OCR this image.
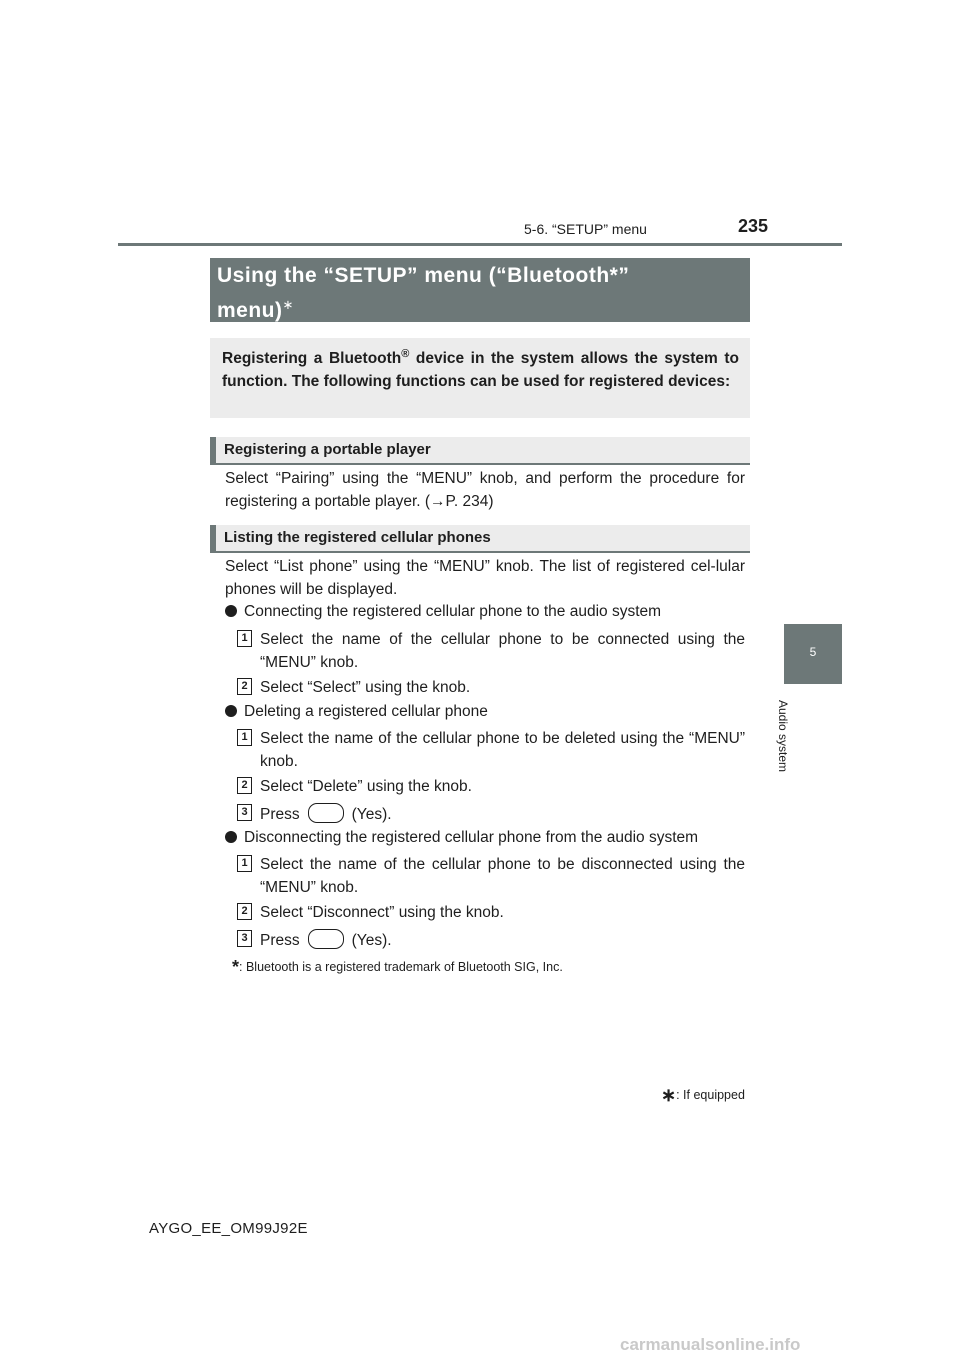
5-6. “SETUP” menu	235
5
Audio system
Using the “SETUP” menu (“Bluetooth*”
menu)∗
Registering a Bluetooth® device in the system allows the system to function. The following functions can be used for registered devices:
Registering a portable player
Select “Pairing” using the “MENU” knob, and perform the procedure for registering a portable player. (→P. 234)
Listing the registered cellular phones
Select “List phone” using the “MENU” knob. The list of registered cel-lular phones will be displayed.
Connecting the registered cellular phone to the audio system
1 Select the name of the cellular phone to be connected using the “MENU” knob.
2 Select “Select” using the knob.
Deleting a registered cellular phone
1 Select the name of the cellular phone to be deleted using the “MENU” knob.
2 Select “Delete” using the knob.
3 Press	(Yes).
Disconnecting the registered cellular phone from the audio system
1 Select the name of the cellular phone to be disconnected using the “MENU” knob.
2 Select “Disconnect” using the knob.
3 Press	(Yes).
*: Bluetooth is a registered trademark of Bluetooth SIG, Inc.
∗: If equipped
AYGO_EE_OM99J92E
carmanualsonline.info
